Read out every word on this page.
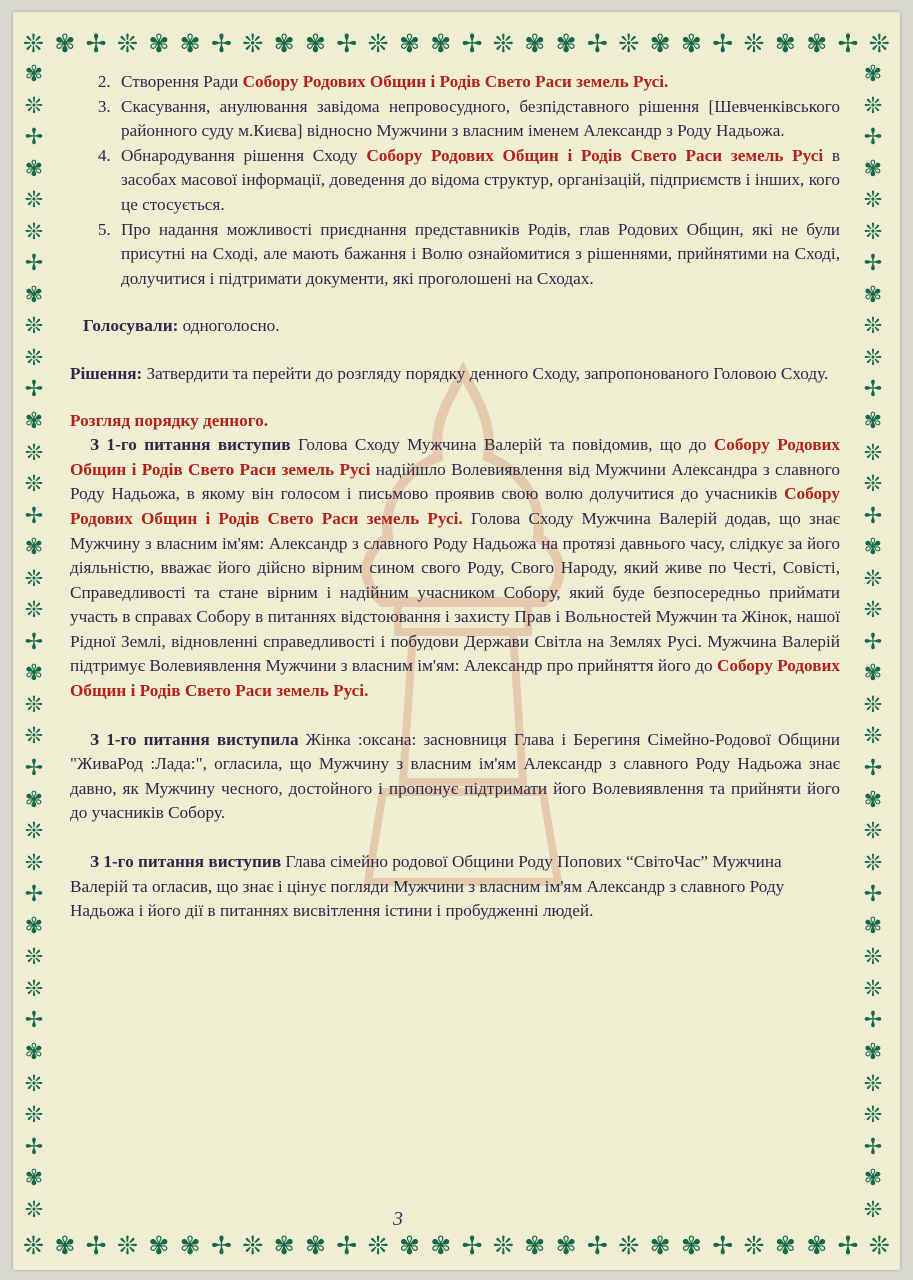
❊ ✾ ✢ ❊ ✾ ✾ ✢ ❊ ✾ ✾ ✢ ❊ ✾ ✾ ✢ ❊ ✾ ✾ ✢ ❊ ✾ ✾ ✢ ❊ ✾ ✾ ✢ ❊
❊ ✾ ✢ ❊ ✾ ✾ ✢ ❊ ✾ ✾ ✢ ❊ ✾ ✾ ✢ ❊ ✾ ✾ ✢ ❊ ✾ ✾ ✢ ❊ ✾ ✾ ✢ ❊
✾
❊
✢
✾
❊
❊
✢
✾
❊
❊
✢
✾
❊
❊
✢
✾
❊
❊
✢
✾
❊
❊
✢
✾
❊
❊
✢
✾
❊
❊
✢
✾
❊
❊
✢
✾
❊
✾
❊
✢
✾
❊
❊
✢
✾
❊
❊
✢
✾
❊
❊
✢
✾
❊
❊
✢
✾
❊
❊
✢
✾
❊
❊
✢
✾
❊
❊
✢
✾
❊
❊
✢
✾
❊
2. Створення Ради Собору Родових Общин і Родів Свето Раси земель Русі.
3. Скасування, анулювання завідома непровосудного, безпідставного рішення [Шевченківського районного суду м.Києва] відносно Мужчини з власним іменем Александр з Роду Надьожа.
4. Обнародування рішення Сходу Собору Родових Общин і Родів Свето Раси земель Русі в засобах масової інформації, доведення до відома структур, організацій, підприємств і інших, кого це стосується.
5. Про надання можливості приєднання представників Родів, глав Родових Общин, які не були присутні на Сході, але мають бажання і Волю ознайомитися з рішеннями, прийнятими на Сході, долучитися і підтримати документи, які проголошені на Сходах.

Голосували: одноголосно.

Рішення: Затвердити та перейти до розгляду порядку денного Сходу, запропонованого Головою Сходу.

Розгляд порядку денного.

З 1-го питання виступив Голова Сходу Мужчина Валерій та повідомив, що до Собору Родових Общин і Родів Свето Раси земель Русі надійшло Волевиявлення від Мужчини Александра з славного Роду Надьожа, в якому він голосом і письмово проявив свою волю долучитися до учасників Собору Родових Общин і Родів Свето Раси земель Русі. Голова Сходу Мужчина Валерій додав, що знає Мужчину з власним ім'ям: Александр з славного Роду Надьожа на протязі давнього часу, слідкує за його діяльністю, вважає його дійсно вірним сином свого Роду, Свого Народу, який живе по Честі, Совісті, Справедливості та стане вірним і надійним учасником Собору, який буде безпосередньо приймати участь в справах Собору в питаннях відстоювання і захисту Прав і Вольностей Мужчин та Жінок, нашої Рідної Землі, відновленні справедливості і побудови Держави Світла на Землях Русі. Мужчина Валерій підтримує Волевиявлення Мужчини з власним ім'ям: Александр про прийняття його до Собору Родових Общин і Родів Свето Раси земель Русі.

З 1-го питання виступила Жінка :оксана: засновниця Глава і Берегиня Сімейно-Родової Общини "ЖиваРод :Лада:", огласила, що Мужчину з власним ім'ям Александр з славного Роду Надьожа знає давно, як Мужчину чесного, достойного і пропонує підтримати його Волевиявлення та прийняти його до учасників Собору.

З 1-го питання виступив Глава сімейно родової Общини Роду Попових “СвітоЧас” Мужчина Валерій та огласив, що знає і цінує погляди Мужчини з власним ім'ям Александр з славного Роду Надьожа і його дії в питаннях висвітлення істини і пробудженні людей.

3
